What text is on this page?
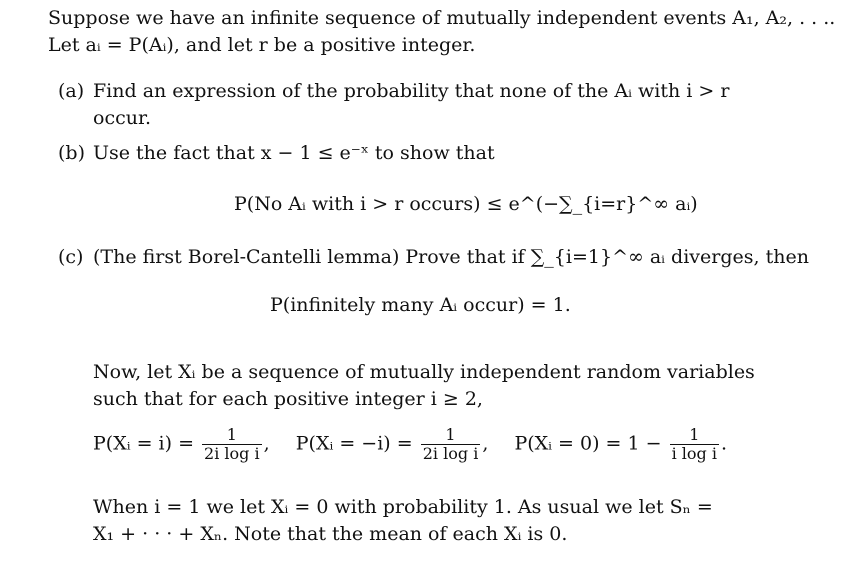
Suppose we have an infinite sequence of mutually independent events A₁, A₂, . . ..
Let aᵢ = P(Aᵢ), and let r be a positive integer.
(a) Find an expression of the probability that none of the Aᵢ with i > r
occur.
(b) Use the fact that x − 1 ≤ e⁻ˣ to show that
P(No Aᵢ with i > r occurs) ≤ e^(−∑_{i=r}^∞ aᵢ)
(c) (The first Borel-Cantelli lemma) Prove that if ∑_{i=1}^∞ aᵢ diverges, then
P(infinitely many Aᵢ occur) = 1.
Now, let Xᵢ be a sequence of mutually independent random variables
such that for each positive integer i ≥ 2,
P(Xᵢ = $i) = \frac{1}{\text{2i log i}}$ , P(Xᵢ = $-i) = \frac{1}{\text{2i log i}}$ , P(Xᵢ = $0) = 1 - \frac{1}{\text{i log i}}$ .
When i = 1 we let Xᵢ = 0 with probability 1. As usual we let Sₙ =
X₁ + · · · + Xₙ. Note that the mean of each Xᵢ is 0.
